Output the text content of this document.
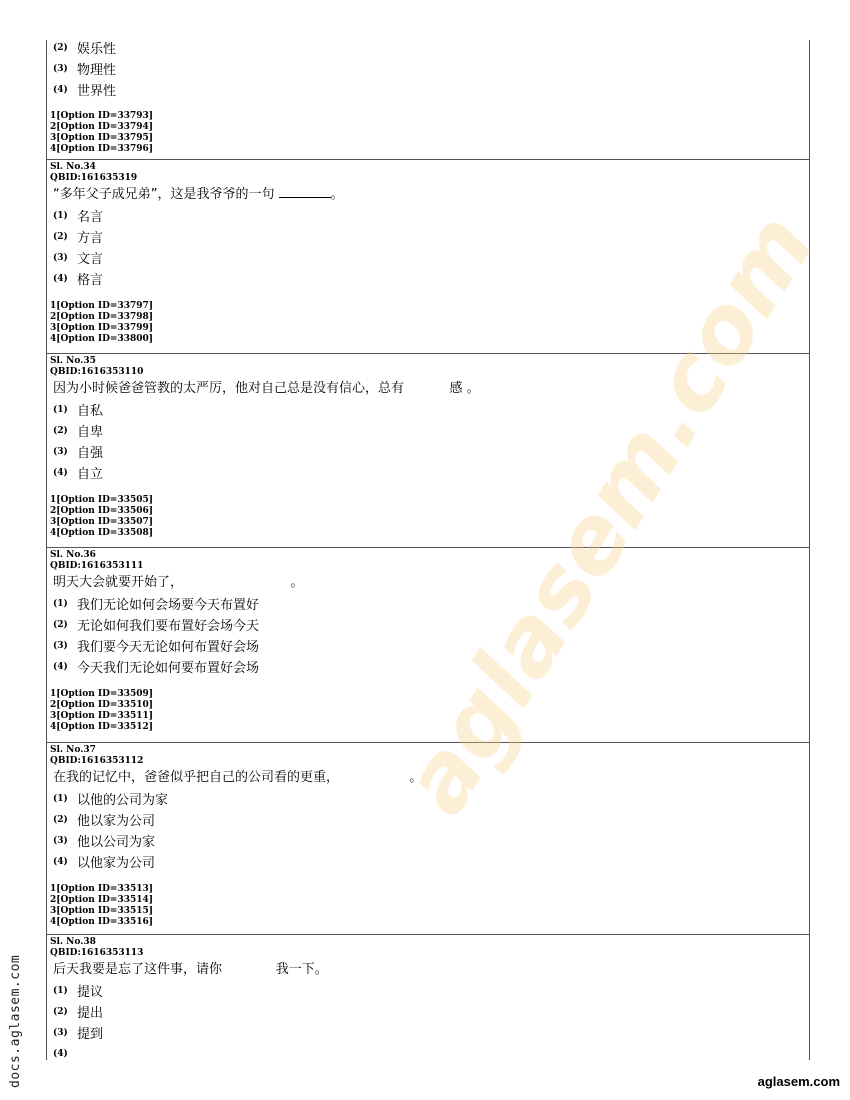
(2) 娱乐性
(3) 物理性
(4) 世界性
1[Option ID=33793]
2[Option ID=33794]
3[Option ID=33795]
4[Option ID=33796]
Sl. No.34
QBID:161635319
“多年父子成兄弟”，这是我爷爷的一句	。
(1) 名言
(2) 方言
(3) 文言
(4) 格言
1[Option ID=33797]
2[Option ID=33798]
3[Option ID=33799]
4[Option ID=33800]
Sl. No.35
QBID:1616353110
因为小时候爸爸管教的太严厉，他对自己总是没有信心，总有           感 。
(1) 自私
(2) 自卑
(3) 自强
(4) 自立
1[Option ID=33505]
2[Option ID=33506]
3[Option ID=33507]
4[Option ID=33508]
Sl. No.36
QBID:1616353111
明天大会就要开始了，                          。
(1) 我们无论如何会场要今天布置好
(2) 无论如何我们要布置好会场今天
(3) 我们要今天无论如何布置好会场
(4) 今天我们无论如何要布置好会场
1[Option ID=33509]
2[Option ID=33510]
3[Option ID=33511]
4[Option ID=33512]
Sl. No.37
QBID:1616353112
在我的记忆中，爸爸似乎把自己的公司看的更重，                 。
(1) 以他的公司为家
(2) 他以家为公司
(3) 他以公司为家
(4) 以他家为公司
1[Option ID=33513]
2[Option ID=33514]
3[Option ID=33515]
4[Option ID=33516]
Sl. No.38
QBID:1616353113
后天我要是忘了这件事，请你             我一下。
(1) 提议
(2) 提出
(3) 提到
(4)
aglasem.com
docs.aglasem.com	aglasem.com
